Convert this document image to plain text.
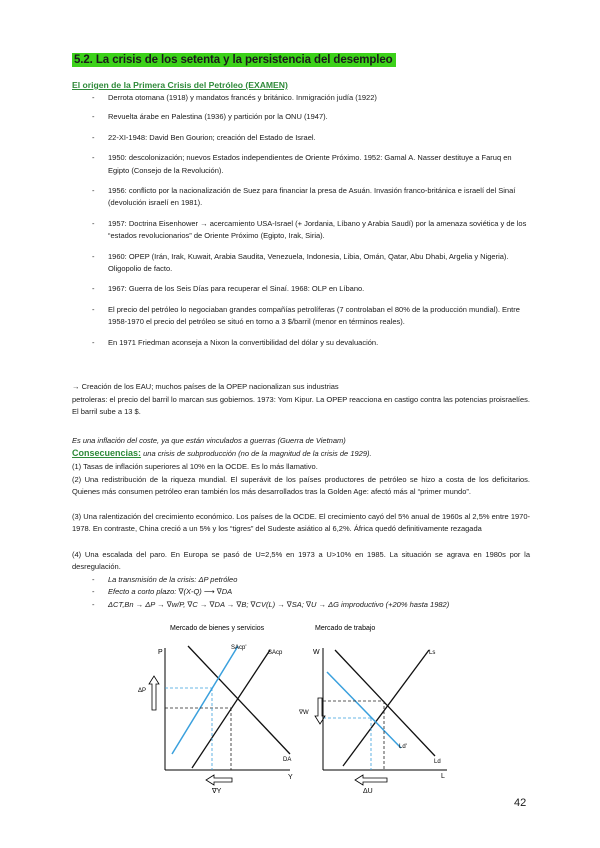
5.2. La crisis de los setenta y la persistencia del desempleo
El origen de la Primera Crisis del Petróleo (EXAMEN)
- Derrota otomana (1918) y mandatos francés y británico. Inmigración judía (1922)
- Revuelta árabe en Palestina (1936) y partición por la ONU (1947).
- 22-XI-1948: David Ben Gourion; creación del Estado de Israel.
- 1950: descolonización; nuevos Estados independientes de Oriente Próximo. 1952: Gamal A. Nasser destituye a Faruq en Egipto (Consejo de la Revolución).
- 1956: conflicto por la nacionalización de Suez para financiar la presa de Asuán. Invasión franco-británica e israelí del Sinaí (devolución israelí en 1981).
- 1957: Doctrina Eisenhower → acercamiento USA-Israel (+ Jordania, Líbano y Arabia Saudí) por la amenaza soviética y de los “estados revolucionarios” de Oriente Próximo (Egipto, Irak, Siria).
- 1960: OPEP (Irán, Irak, Kuwait, Arabia Saudita, Venezuela, Indonesia, Libia, Omán, Qatar, Abu Dhabi, Argelia y Nigeria). Oligopolio de facto.
- 1967: Guerra de los Seis Días para recuperar el Sinaí. 1968: OLP en Líbano.
- El precio del petróleo lo negociaban grandes compañías petrolíferas (7 controlaban el 80% de la producción mundial). Entre 1958-1970 el precio del petróleo se situó en torno a 3 $/barril (menor en términos reales).
- En 1971 Friedman aconseja a Nixon la convertibilidad del dólar y su devaluación.

→ Creación de los EAU; muchos países de la OPEP nacionalizan sus industrias

petroleras: el precio del barril lo marcan sus gobiernos. 1973: Yom Kipur. La OPEP reacciona en castigo contra las potencias proisraelíes. El barril sube a 13 $.

Es una inflación del coste, ya que están vinculados a guerras (Guerra de Vietnam)

Consecuencias: una crisis de subproducción (no de la magnitud de la crisis de 1929).

(1) Tasas de inflación superiores al 10% en la OCDE. Es lo más llamativo.

(2) Una redistribución de la riqueza mundial. El superávit de los países productores de petróleo se hizo a costa de los deficitarios. Quienes más consumen petróleo eran también los más desarrollados tras la Golden Age: afectó más al “primer mundo”.

(3) Una ralentización del crecimiento económico. Los países de la OCDE. El crecimiento cayó del 5% anual de 1960s al 2,5% entre 1970-1978. En contraste, China creció a un 5% y los “tigres” del Sudeste asiático al 6,2%. África quedó definitivamente rezagada

(4) Una escalada del paro. En Europa se pasó de U=2,5% en 1973 a U>10% en 1985. La situación se agrava en 1980s por la desregulación.

- La transmisión de la crisis: ΔP petróleo
- Efecto a corto plazo: ∇(X-Q) ⟶ ∇DA
- ΔCT,Bn → ΔP → ∇w/P, ∇C → ∇DA → ∇B; ∇CV(L) → ∇SA; ∇U → ΔG improductivo (+20% hasta 1982)
Mercado de bienes y servicios
P
Y
SAcp'
SAcp
DA
ΔP
∇Y
Mercado de trabajo
W
L
Ls
Ld
Ld'
∇W
ΔU
42
